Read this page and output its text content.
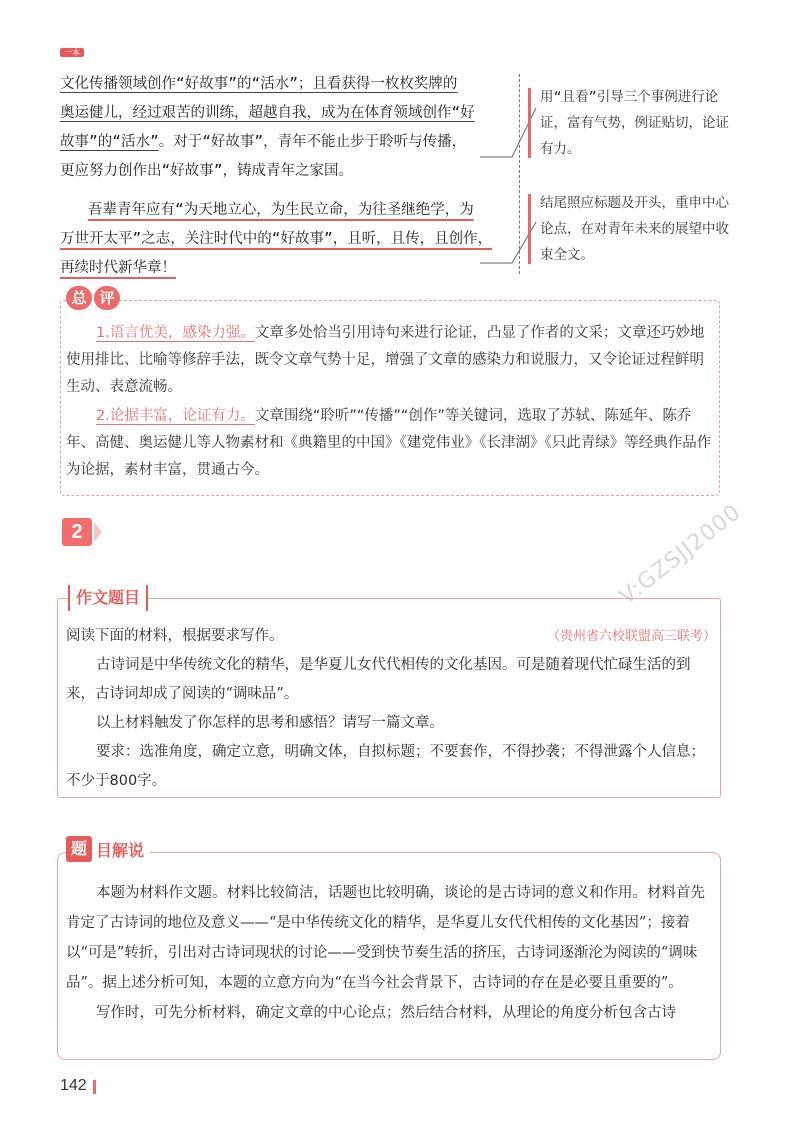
一本

文化传播领域创作“好故事”的“活水”；且看获得一枚枚奖牌的

奥运健儿，经过艰苦的训练，超越自我，成为在体育领域创作“好

故事”的“活水”。对于“好故事”，青年不能止步于聆听与传播，

更应努力创作出“好故事”，铸成青年之家国。

吾辈青年应有“为天地立心，为生民立命，为往圣继绝学，为

万世开太平”之志，关注时代中的“好故事”，且听，且传，且创作，

再续时代新华章！

用“且看”引导三个事例进行论证，富有气势，例证贴切，论证有力。
结尾照应标题及开头，重申中心论点，在对青年未来的展望中收束全文。
总 评

1.语言优美，感染力强。文章多处恰当引用诗句来进行论证，凸显了作者的文采；文章还巧妙地使用排比、比喻等修辞手法，既令文章气势十足，增强了文章的感染力和说服力，又令论证过程鲜明生动、表意流畅。

2.论据丰富，论证有力。文章围绕“聆听”“传播”“创作”等关键词，选取了苏轼、陈延年、陈乔年、高健、奥运健儿等人物素材和《典籍里的中国》《建党伟业》《长津湖》《只此青绿》等经典作品作为论据，素材丰富，贯通古今。

2	V:GZSJJ2000
作文题目
阅读下面的材料，根据要求写作。	（贵州省六校联盟高三联考）

古诗词是中华传统文化的精华，是华夏儿女代代相传的文化基因。可是随着现代忙碌生活的到来，古诗词却成了阅读的“调味品”。

以上材料触发了你怎样的思考和感悟？请写一篇文章。

要求：选准角度，确定立意，明确文体，自拟标题；不要套作，不得抄袭；不得泄露个人信息；不少于800字。

题 目解说

本题为材料作文题。材料比较简洁，话题也比较明确，谈论的是古诗词的意义和作用。材料首先肯定了古诗词的地位及意义——“是中华传统文化的精华，是华夏儿女代代相传的文化基因”；接着以“可是”转折，引出对古诗词现状的讨论——受到快节奏生活的挤压，古诗词逐渐沦为阅读的“调味品”。据上述分析可知，本题的立意方向为“在当今社会背景下，古诗词的存在是必要且重要的”。

写作时，可先分析材料，确定文章的中心论点；然后结合材料，从理论的角度分析包含古诗

142
